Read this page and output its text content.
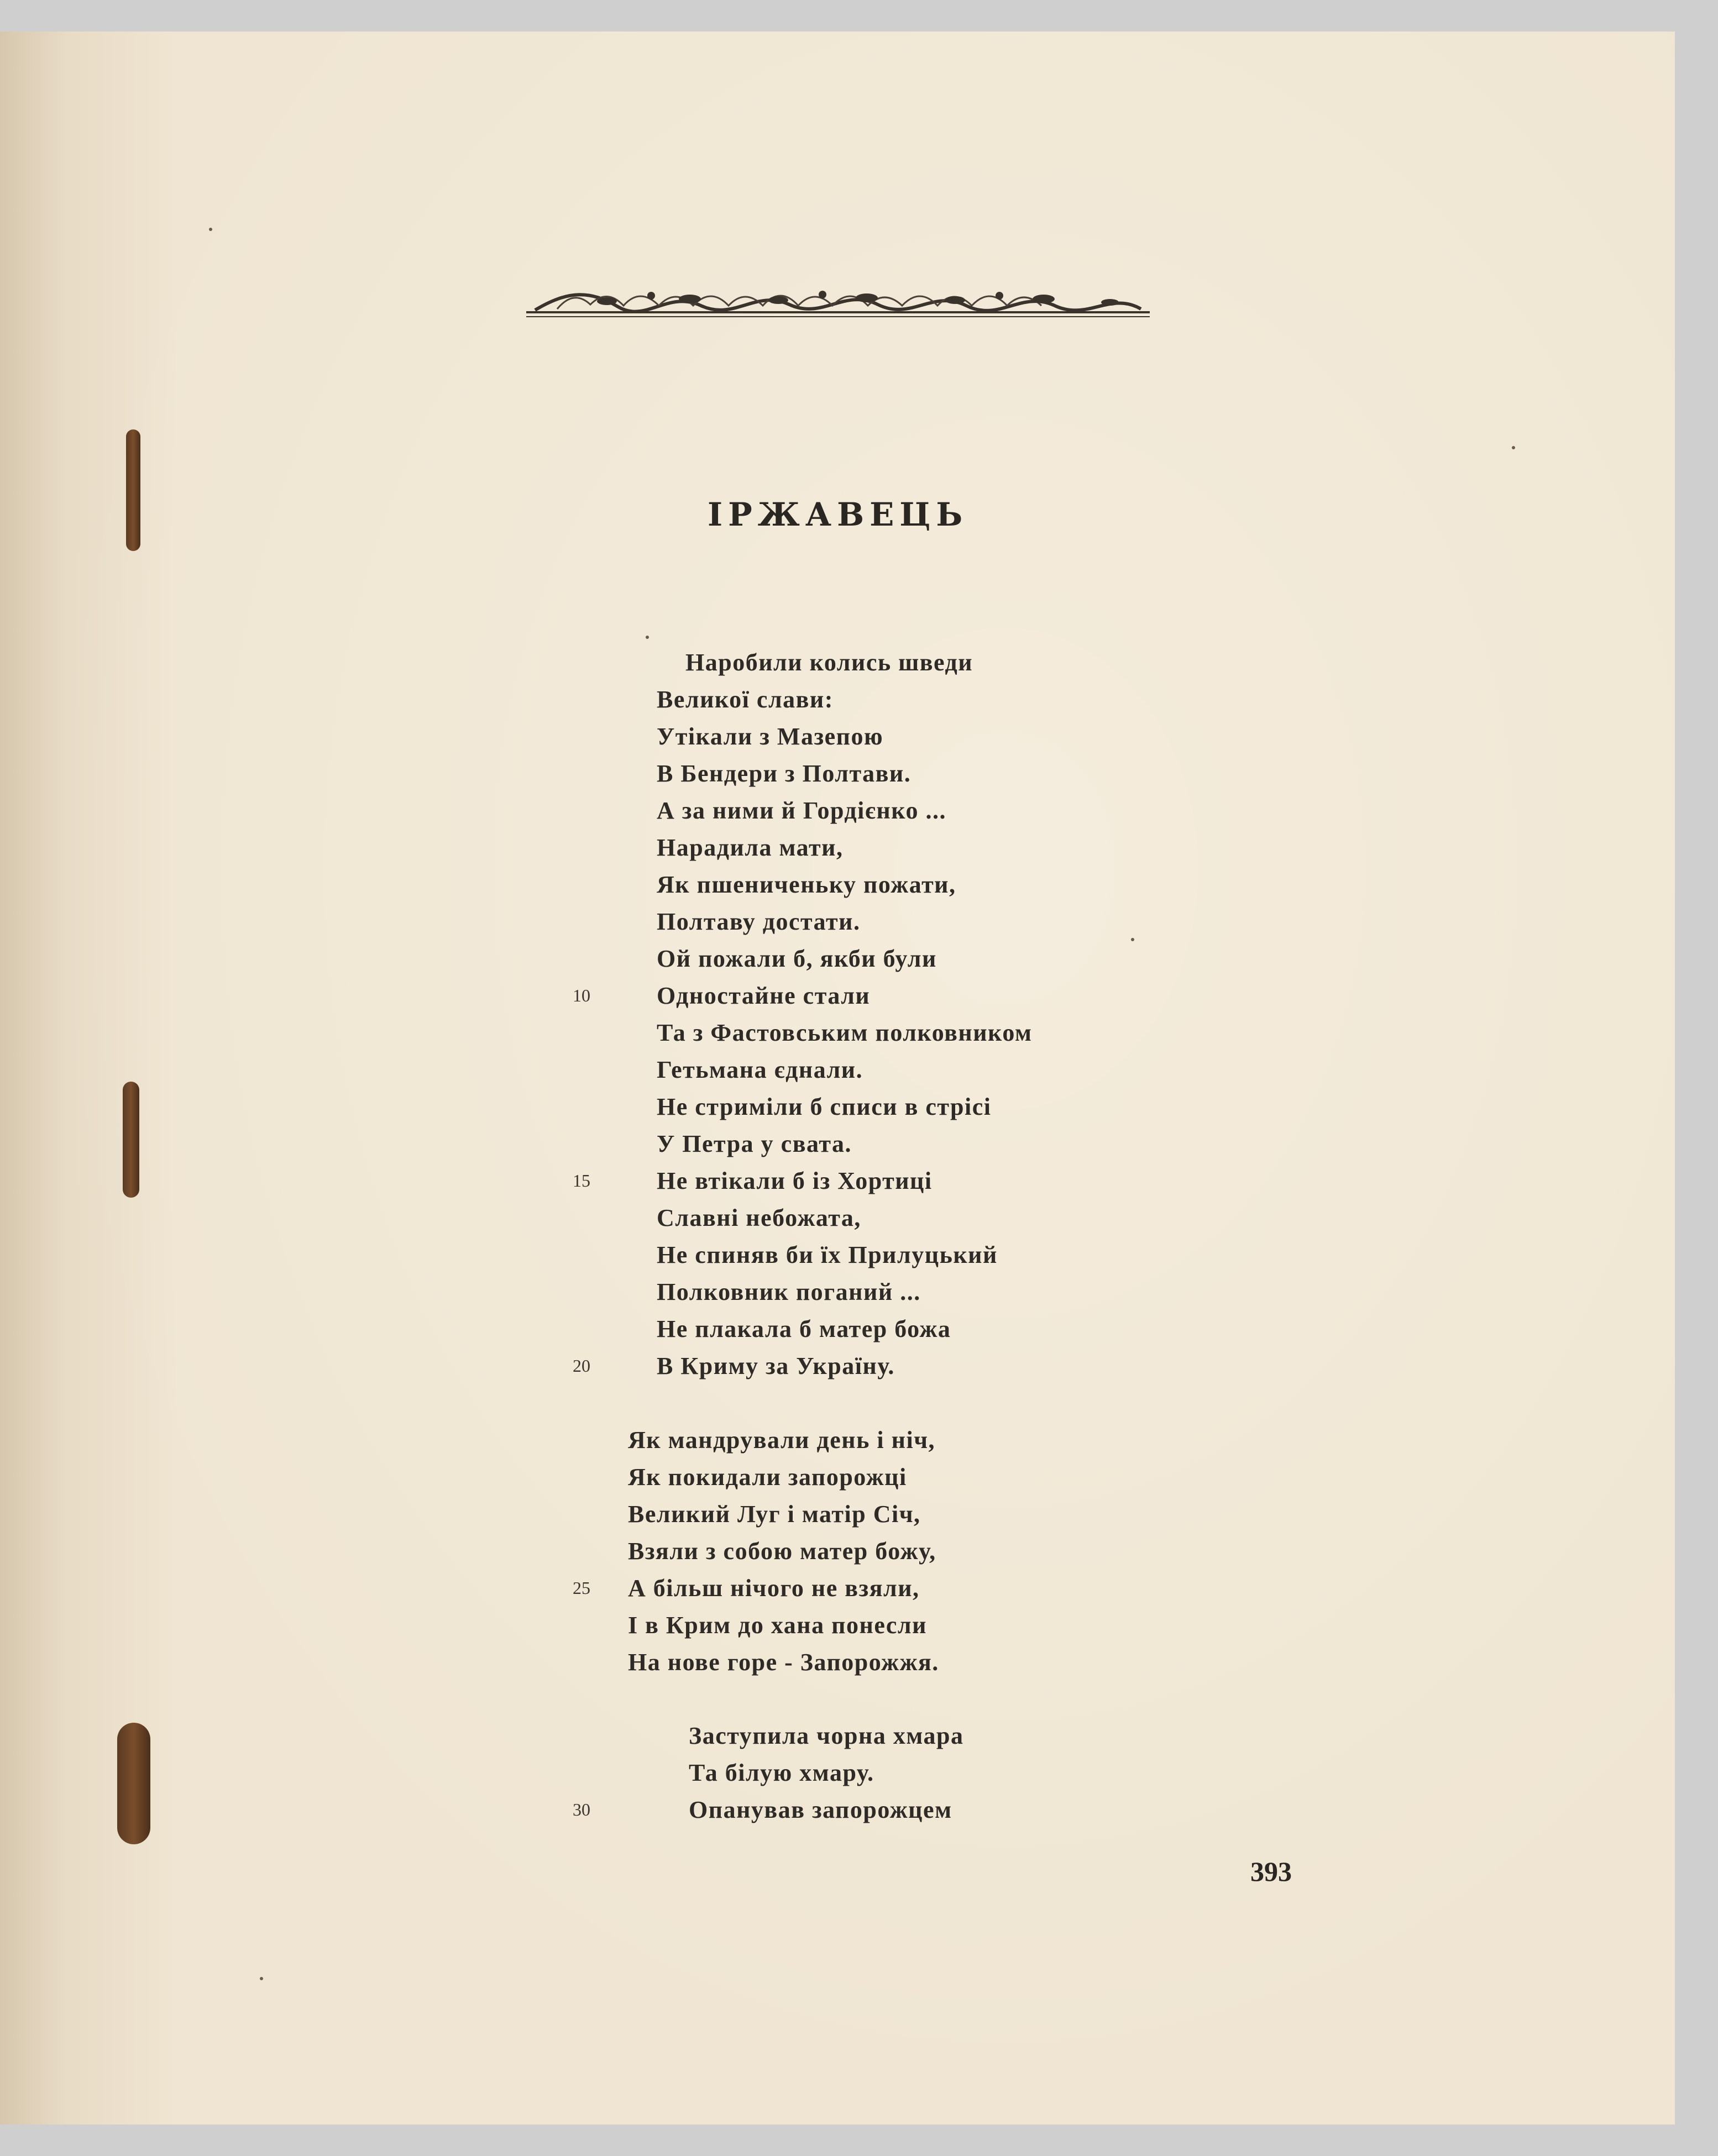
ІРЖАВЕЦЬ
Наробили колись шведи
Великої слави:
Утікали з Мазепою
В Бендери з Полтави.
А за ними й Гордієнко ...
Нарадила мати,
Як пшениченьку пожати,
Полтаву достати.
Ой пожали б, якби були
Одностайне стали
Та з Фастовським полковником
Гетьмана єднали.
Не стриміли б списи в стрісі
У Петра у свата.
Не втікали б із Хортиці
Славні небожата,
Не спиняв би їх Прилуцький
Полковник поганий ...
Не плакала б матер божа
В Криму за Україну.
Як мандрували день і ніч,
Як покидали запорожці
Великий Луг і матір Січ,
Взяли з собою матер божу,
А більш нічого не взяли,
І в Крим до хана понесли
На нове горе - Запорожжя.
Заступила чорна хмара
Та білую хмару.
Опанував запорожцем
10
15
20
25
30
393
